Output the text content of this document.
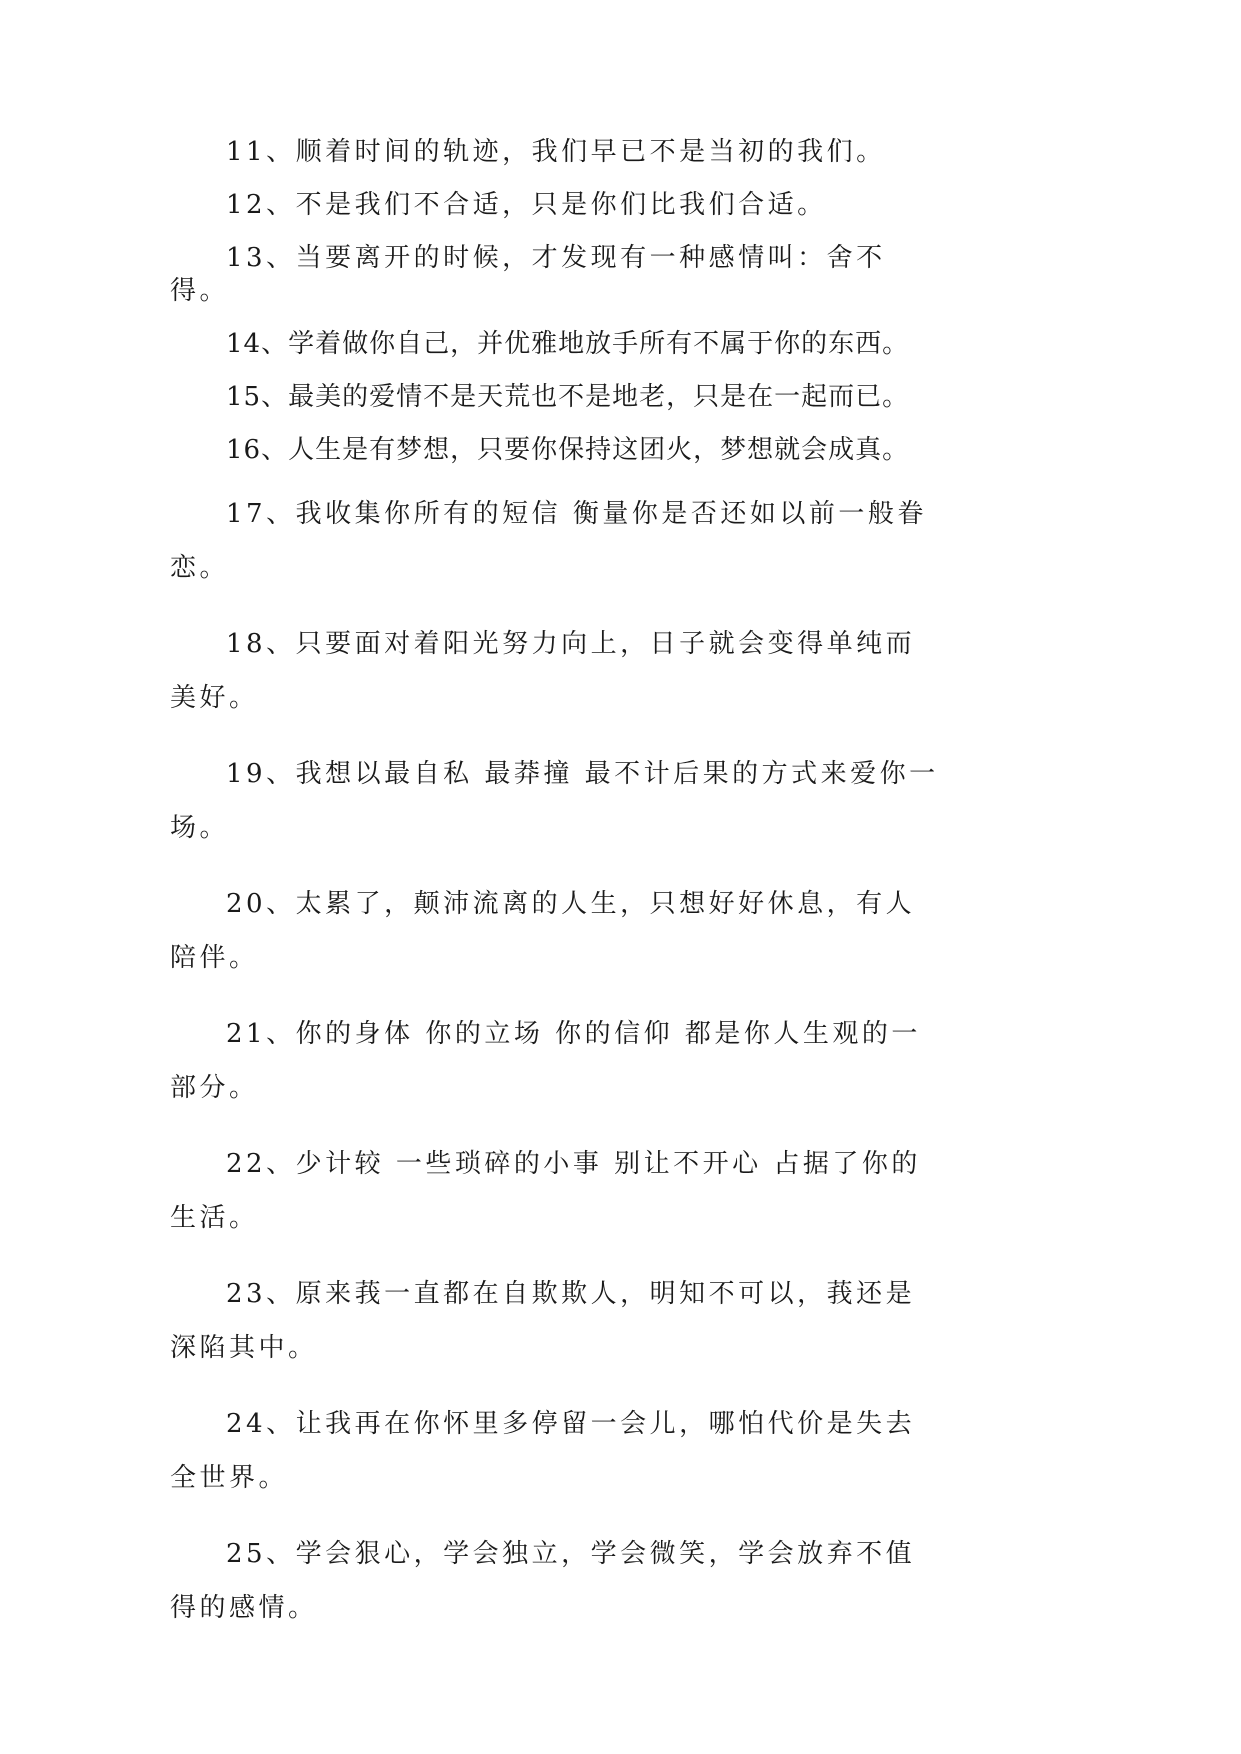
11、顺着时间的轨迹，我们早已不是当初的我们。

12、不是我们不合适，只是你们比我们合适。

13、当要离开的时候，才发现有一种感情叫：舍不得。

14、学着做你自己，并优雅地放手所有不属于你的东西。

15、最美的爱情不是天荒也不是地老，只是在一起而已。

16、人生是有梦想，只要你保持这团火，梦想就会成真。

17、我收集你所有的短信 衡量你是否还如以前一般眷恋。

18、只要面对着阳光努力向上，日子就会变得单纯而美好。

19、我想以最自私 最莽撞 最不计后果的方式来爱你一场。

20、太累了，颠沛流离的人生，只想好好休息，有人陪伴。

21、你的身体 你的立场 你的信仰 都是你人生观的一部分。

22、少计较 一些琐碎的小事 别让不开心 占据了你的生活。

23、原来莪一直都在自欺欺人，明知不可以，莪还是深陷其中。

24、让我再在你怀里多停留一会儿，哪怕代价是失去全世界。

25、学会狠心，学会独立，学会微笑，学会放弃不值得的感情。
